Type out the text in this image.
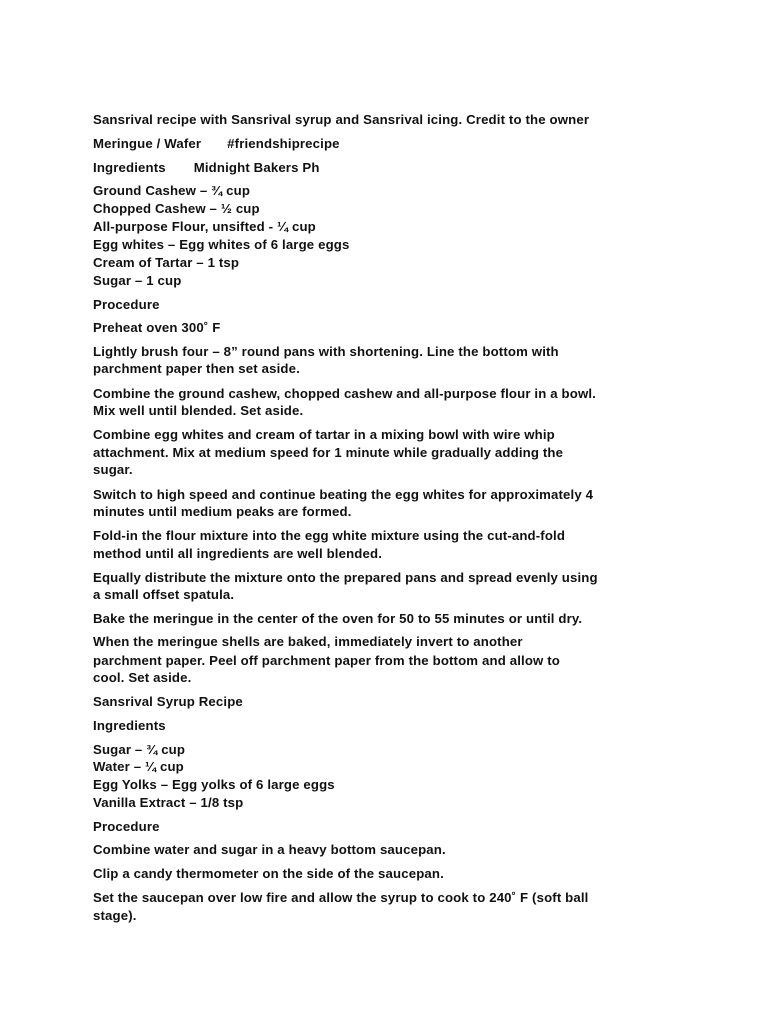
Sansrival recipe with Sansrival syrup and Sansrival icing. Credit to the owner
Meringue / Wafer #friendshiprecipe
Ingredients Midnight Bakers Ph
Ground Cashew – ¾ cup
Chopped Cashew – ½ cup
All-purpose Flour, unsifted - ¼ cup
Egg whites – Egg whites of 6 large eggs
Cream of Tartar – 1 tsp
Sugar – 1 cup
Procedure
Preheat oven 300˚ F
Lightly brush four – 8” round pans with shortening. Line the bottom with
parchment paper then set aside.
Combine the ground cashew, chopped cashew and all-purpose flour in a bowl.
Mix well until blended. Set aside.
Combine egg whites and cream of tartar in a mixing bowl with wire whip
attachment. Mix at medium speed for 1 minute while gradually adding the
sugar.
Switch to high speed and continue beating the egg whites for approximately 4
minutes until medium peaks are formed.
Fold-in the flour mixture into the egg white mixture using the cut-and-fold
method until all ingredients are well blended.
Equally distribute the mixture onto the prepared pans and spread evenly using
a small offset spatula.
Bake the meringue in the center of the oven for 50 to 55 minutes or until dry.
When the meringue shells are baked, immediately invert to another
parchment paper. Peel off parchment paper from the bottom and allow to
cool. Set aside.
Sansrival Syrup Recipe
Ingredients
Sugar – ¾ cup
Water – ¼ cup
Egg Yolks – Egg yolks of 6 large eggs
Vanilla Extract – 1/8 tsp
Procedure
Combine water and sugar in a heavy bottom saucepan.
Clip a candy thermometer on the side of the saucepan.
Set the saucepan over low fire and allow the syrup to cook to 240˚ F (soft ball
stage).
